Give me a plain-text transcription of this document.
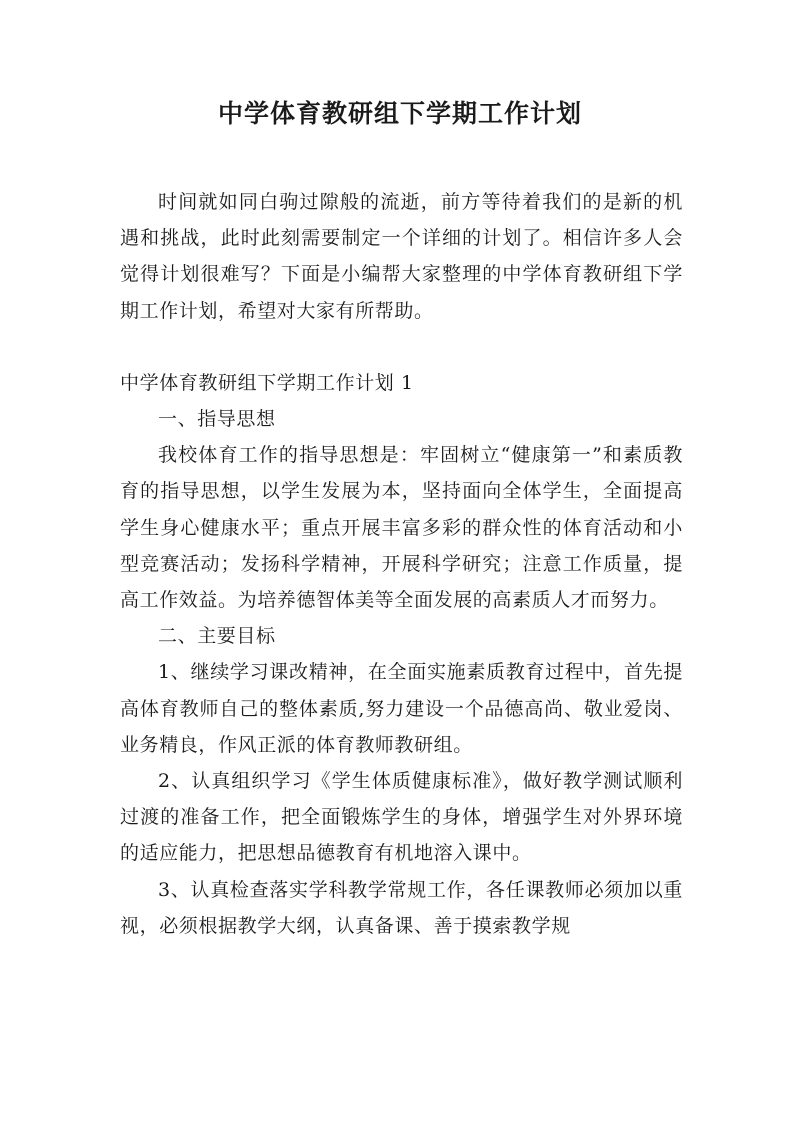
中学体育教研组下学期工作计划

时间就如同白驹过隙般的流逝，前方等待着我们的是新的机遇和挑战，此时此刻需要制定一个详细的计划了。相信许多人会觉得计划很难写？下面是小编帮大家整理的中学体育教研组下学期工作计划，希望对大家有所帮助。

中学体育教研组下学期工作计划 1

一、指导思想

我校体育工作的指导思想是：牢固树立“健康第一”和素质教育的指导思想，以学生发展为本，坚持面向全体学生，全面提高学生身心健康水平；重点开展丰富多彩的群众性的体育活动和小型竞赛活动；发扬科学精神，开展科学研究；注意工作质量，提高工作效益。为培养德智体美等全面发展的高素质人才而努力。

二、主要目标

1、继续学习课改精神，在全面实施素质教育过程中，首先提高体育教师自己的整体素质,努力建设一个品德高尚、敬业爱岗、业务精良，作风正派的体育教师教研组。

2、认真组织学习《学生体质健康标准》，做好教学测试顺利过渡的准备工作，把全面锻炼学生的身体，增强学生对外界环境的适应能力，把思想品德教育有机地溶入课中。

3、认真检查落实学科教学常规工作，各任课教师必须加以重视，必须根据教学大纲，认真备课、善于摸索教学规
